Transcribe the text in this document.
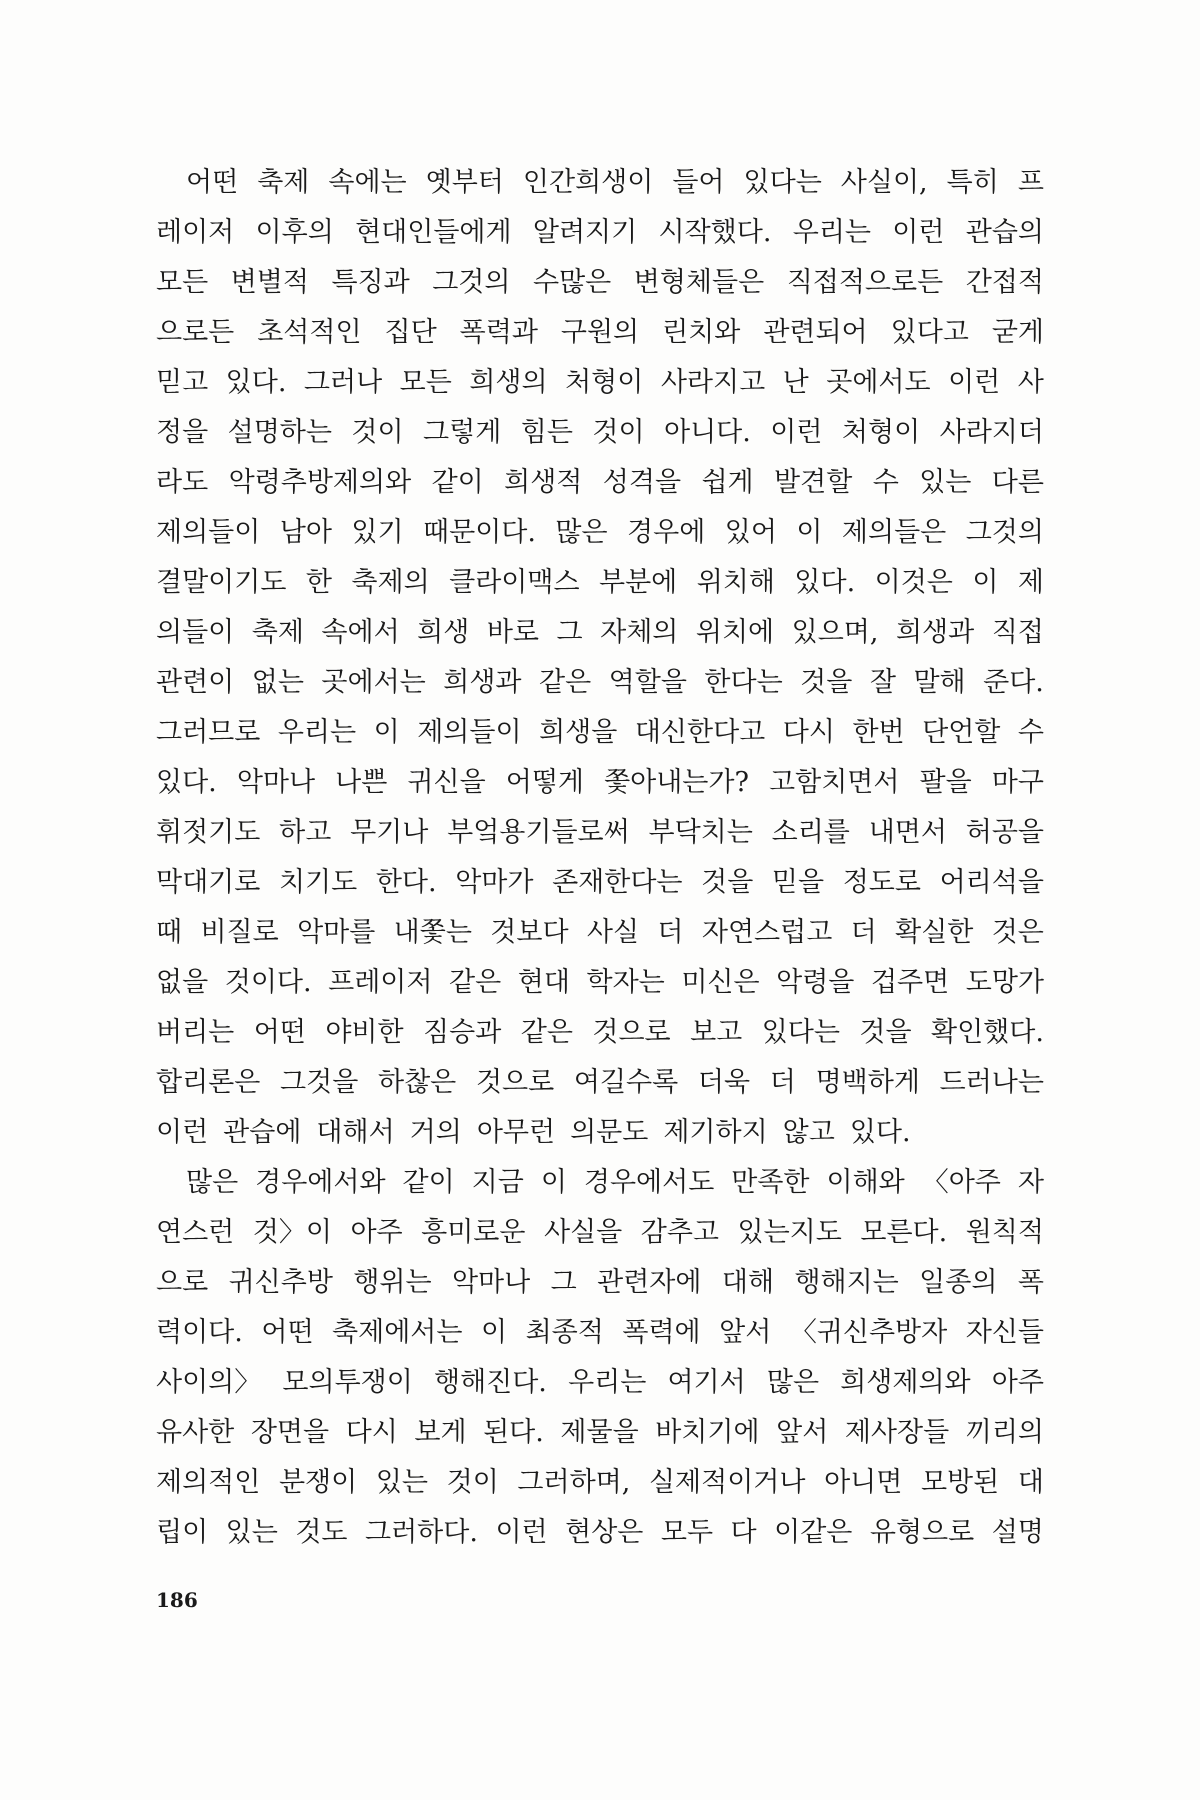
어떤 축제 속에는 옛부터 인간희생이 들어 있다는 사실이, 특히 프
레이저 이후의 현대인들에게 알려지기 시작했다. 우리는 이런 관습의
모든 변별적 특징과 그것의 수많은 변형체들은 직접적으로든 간접적
으로든 초석적인 집단 폭력과 구원의 린치와 관련되어 있다고 굳게
믿고 있다. 그러나 모든 희생의 처형이 사라지고 난 곳에서도 이런 사
정을 설명하는 것이 그렇게 힘든 것이 아니다. 이런 처형이 사라지더
라도 악령추방제의와 같이 희생적 성격을 쉽게 발견할 수 있는 다른
제의들이 남아 있기 때문이다. 많은 경우에 있어 이 제의들은 그것의
결말이기도 한 축제의 클라이맥스 부분에 위치해 있다. 이것은 이 제
의들이 축제 속에서 희생 바로 그 자체의 위치에 있으며, 희생과 직접
관련이 없는 곳에서는 희생과 같은 역할을 한다는 것을 잘 말해 준다.
그러므로 우리는 이 제의들이 희생을 대신한다고 다시 한번 단언할 수
있다. 악마나 나쁜 귀신을 어떻게 쫓아내는가? 고함치면서 팔을 마구
휘젓기도 하고 무기나 부엌용기들로써 부닥치는 소리를 내면서 허공을
막대기로 치기도 한다. 악마가 존재한다는 것을 믿을 정도로 어리석을
때 비질로 악마를 내쫓는 것보다 사실 더 자연스럽고 더 확실한 것은
없을 것이다. 프레이저 같은 현대 학자는 미신은 악령을 겁주면 도망가
버리는 어떤 야비한 짐승과 같은 것으로 보고 있다는 것을 확인했다.
합리론은 그것을 하찮은 것으로 여길수록 더욱 더 명백하게 드러나는
이런 관습에 대해서 거의 아무런 의문도 제기하지 않고 있다.
많은 경우에서와 같이 지금 이 경우에서도 만족한 이해와 〈아주 자
연스런 것〉이 아주 흥미로운 사실을 감추고 있는지도 모른다. 원칙적
으로 귀신추방 행위는 악마나 그 관련자에 대해 행해지는 일종의 폭
력이다. 어떤 축제에서는 이 최종적 폭력에 앞서 〈귀신추방자 자신들
사이의〉 모의투쟁이 행해진다. 우리는 여기서 많은 희생제의와 아주
유사한 장면을 다시 보게 된다. 제물을 바치기에 앞서 제사장들 끼리의
제의적인 분쟁이 있는 것이 그러하며, 실제적이거나 아니면 모방된 대
립이 있는 것도 그러하다. 이런 현상은 모두 다 이같은 유형으로 설명
186
